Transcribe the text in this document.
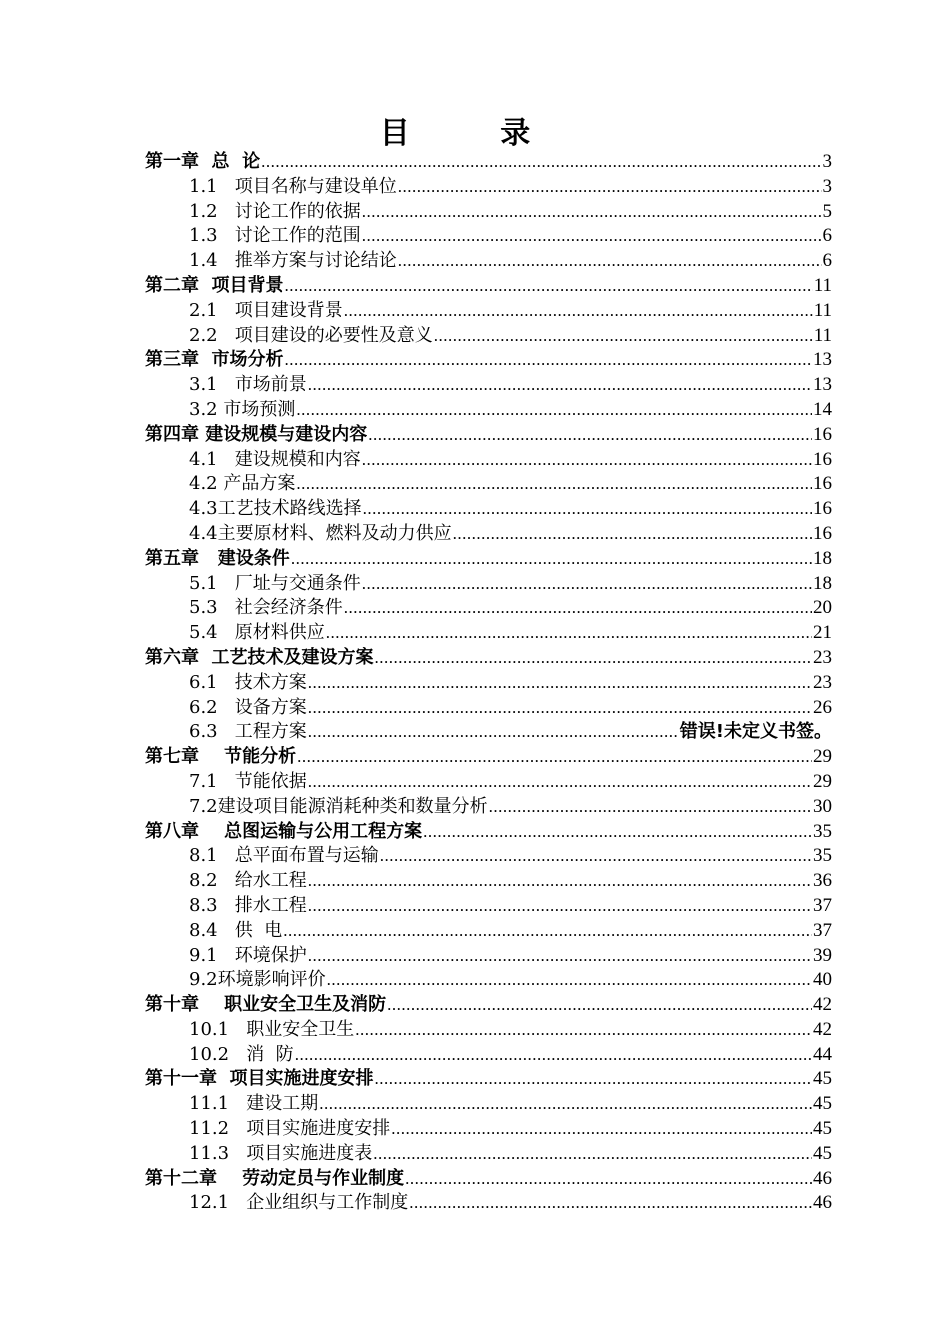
目 录
第一章  总  论 .....	3
1.1   项目名称与建设单位 .....	3
1.2   讨论工作的依据 .....	5
1.3   讨论工作的范围 .....	6
1.4   推举方案与讨论结论 .....	6
第二章  项目背景 .....	11
2.1   项目建设背景 .....	11
2.2   项目建设的必要性及意义 .....	11
第三章  市场分析 .....	13
3.1   市场前景 .....	13
3.2 市场预测 .....	14
第四章 建设规模与建设内容 .....	16
4.1   建设规模和内容 .....	16
4.2 产品方案 .....	16
4.3工艺技术路线选择 .....	16
4.4主要原材料、燃料及动力供应 .....	16
第五章   建设条件 .....	18
5.1   厂址与交通条件 .....	18
5.3   社会经济条件 .....	20
5.4   原材料供应 .....	21
第六章  工艺技术及建设方案 .....	23
6.1   技术方案 .....	23
6.2   设备方案 .....	26
6.3   工程方案 .....	错误!未定义书签。
第七章    节能分析 .....	29
7.1   节能依据 .....	29
7.2建设项目能源消耗种类和数量分析 .....	30
第八章    总图运输与公用工程方案 .....	35
8.1   总平面布置与运输 .....	35
8.2   给水工程 .....	36
8.3   排水工程 .....	37
8.4   供  电 .....	37
9.1   环境保护 .....	39
9.2环境影响评价 .....	40
第十章    职业安全卫生及消防 .....	42
10.1   职业安全卫生 .....	42
10.2   消  防 .....	44
第十一章  项目实施进度安排 .....	45
11.1   建设工期 .....	45
11.2   项目实施进度安排 .....	45
11.3   项目实施进度表 .....	45
第十二章    劳动定员与作业制度 .....	46
12.1   企业组织与工作制度 .....	46
